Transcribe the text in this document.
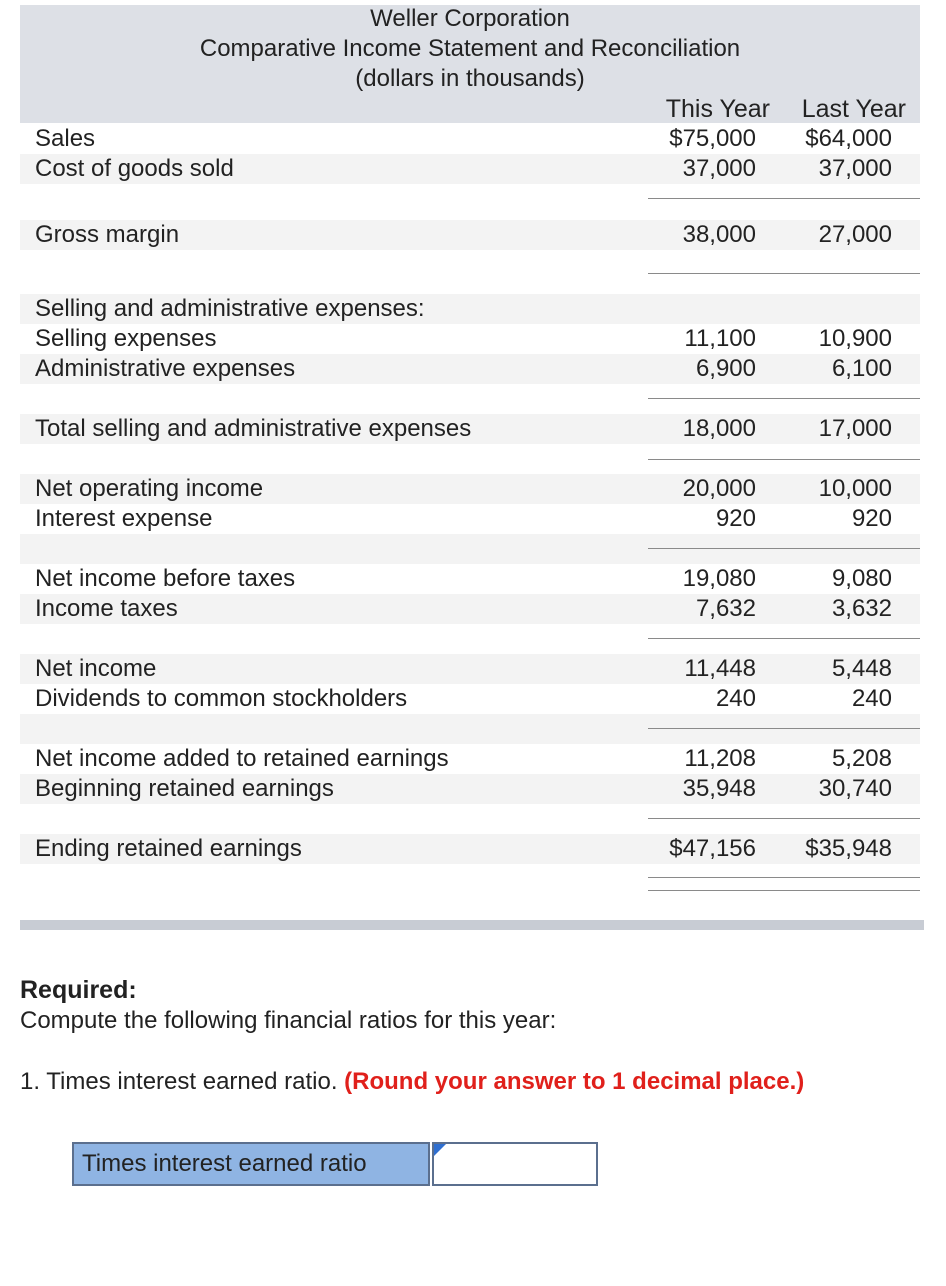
Weller Corporation
Comparative Income Statement and Reconciliation
(dollars in thousands)
This Year Last Year
Sales	$75,000 $64,000
Cost of goods sold	37,000	37,000
Gross margin	38,000	27,000
Selling and administrative expenses:
Selling expenses	11,100	10,900
Administrative expenses	6,900	6,100
Total selling and administrative expenses	18,000	17,000
Net operating income	20,000	10,000
Interest expense	920	920
Net income before taxes	19,080	9,080
Income taxes	7,632	3,632
Net income	11,448	5,448
Dividends to common stockholders	240	240
Net income added to retained earnings	11,208	5,208
Beginning retained earnings	35,948	30,740
Ending retained earnings	$47,156 $35,948
Required:
Compute the following financial ratios for this year:
1. Times interest earned ratio. (Round your answer to 1 decimal place.)
Times interest earned ratio
